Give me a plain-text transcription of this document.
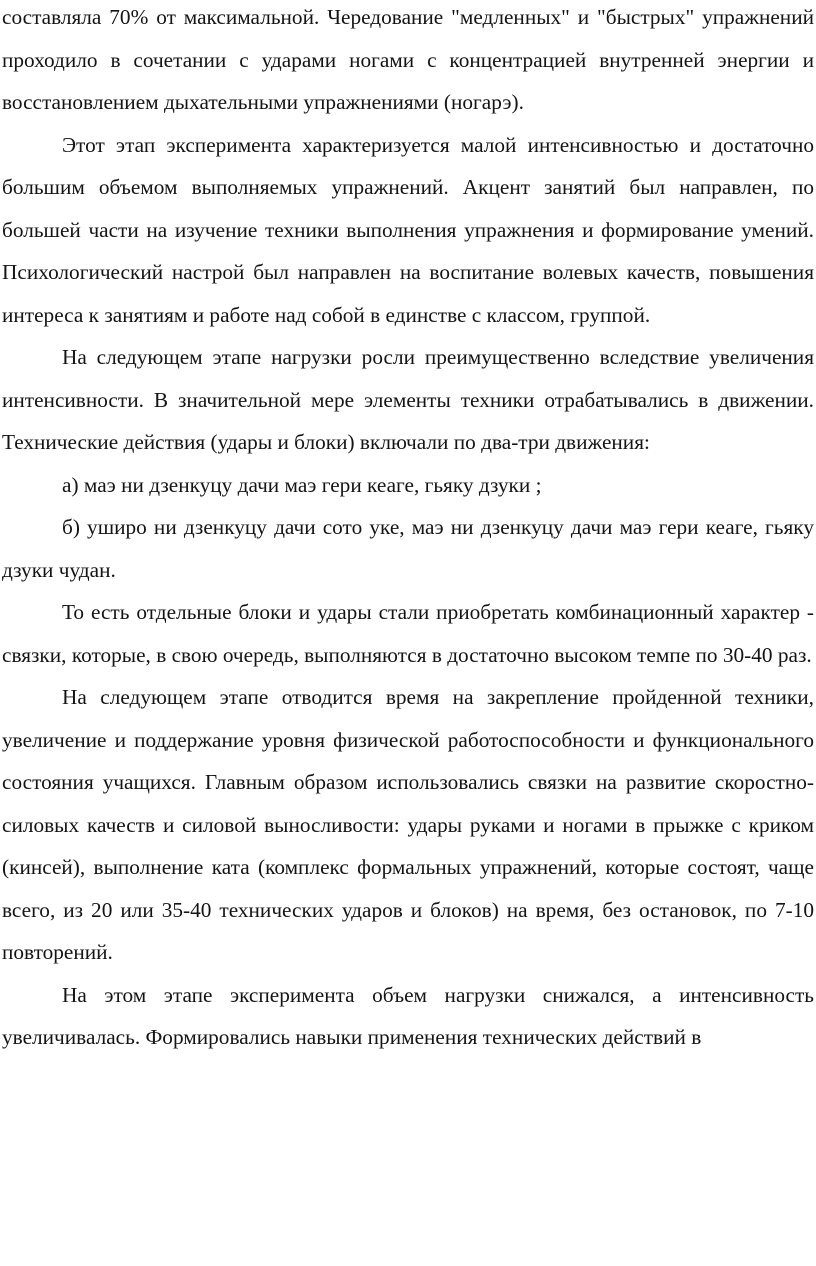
составляла 70% от максимальной. Чередование "медленных" и "быстрых" упражнений проходило в сочетании с ударами ногами с концентрацией внутренней энергии и восстановлением дыхательными упражнениями (ногарэ).

Этот этап эксперимента характеризуется малой интенсивностью и достаточно большим объемом выполняемых упражнений. Акцент занятий был направлен, по большей части на изучение техники выполнения упражнения и формирование умений. Психологический настрой был направлен на воспитание волевых качеств, повышения интереса к занятиям и работе над собой в единстве с классом, группой.

На следующем этапе нагрузки росли преимущественно вследствие увеличения интенсивности. В значительной мере элементы техники отрабатывались в движении. Технические действия (удары и блоки) включали по два-три движения:

а) маэ ни дзенкуцу дачи маэ гери кеаге, гьяку дзуки ;

б) уширо ни дзенкуцу дачи сото уке, маэ ни дзенкуцу дачи маэ гери кеаге, гьяку дзуки чудан.

То есть отдельные блоки и удары стали приобретать комбинационный характер - связки, которые, в свою очередь, выполняются в достаточно высоком темпе по 30-40 раз.

На следующем этапе отводится время на закрепление пройденной техники, увеличение и поддержание уровня физической работоспособности и функционального состояния учащихся. Главным образом использовались связки на развитие скоростно-силовых качеств и силовой выносливости: удары руками и ногами в прыжке с криком (кинсей), выполнение ката (комплекс формальных упражнений, которые состоят, чаще всего, из 20 или 35-40 технических ударов и блоков) на время, без остановок, по 7-10 повторений.

На этом этапе эксперимента объем нагрузки снижался, а интенсивность увеличивалась. Формировались навыки применения технических действий в
